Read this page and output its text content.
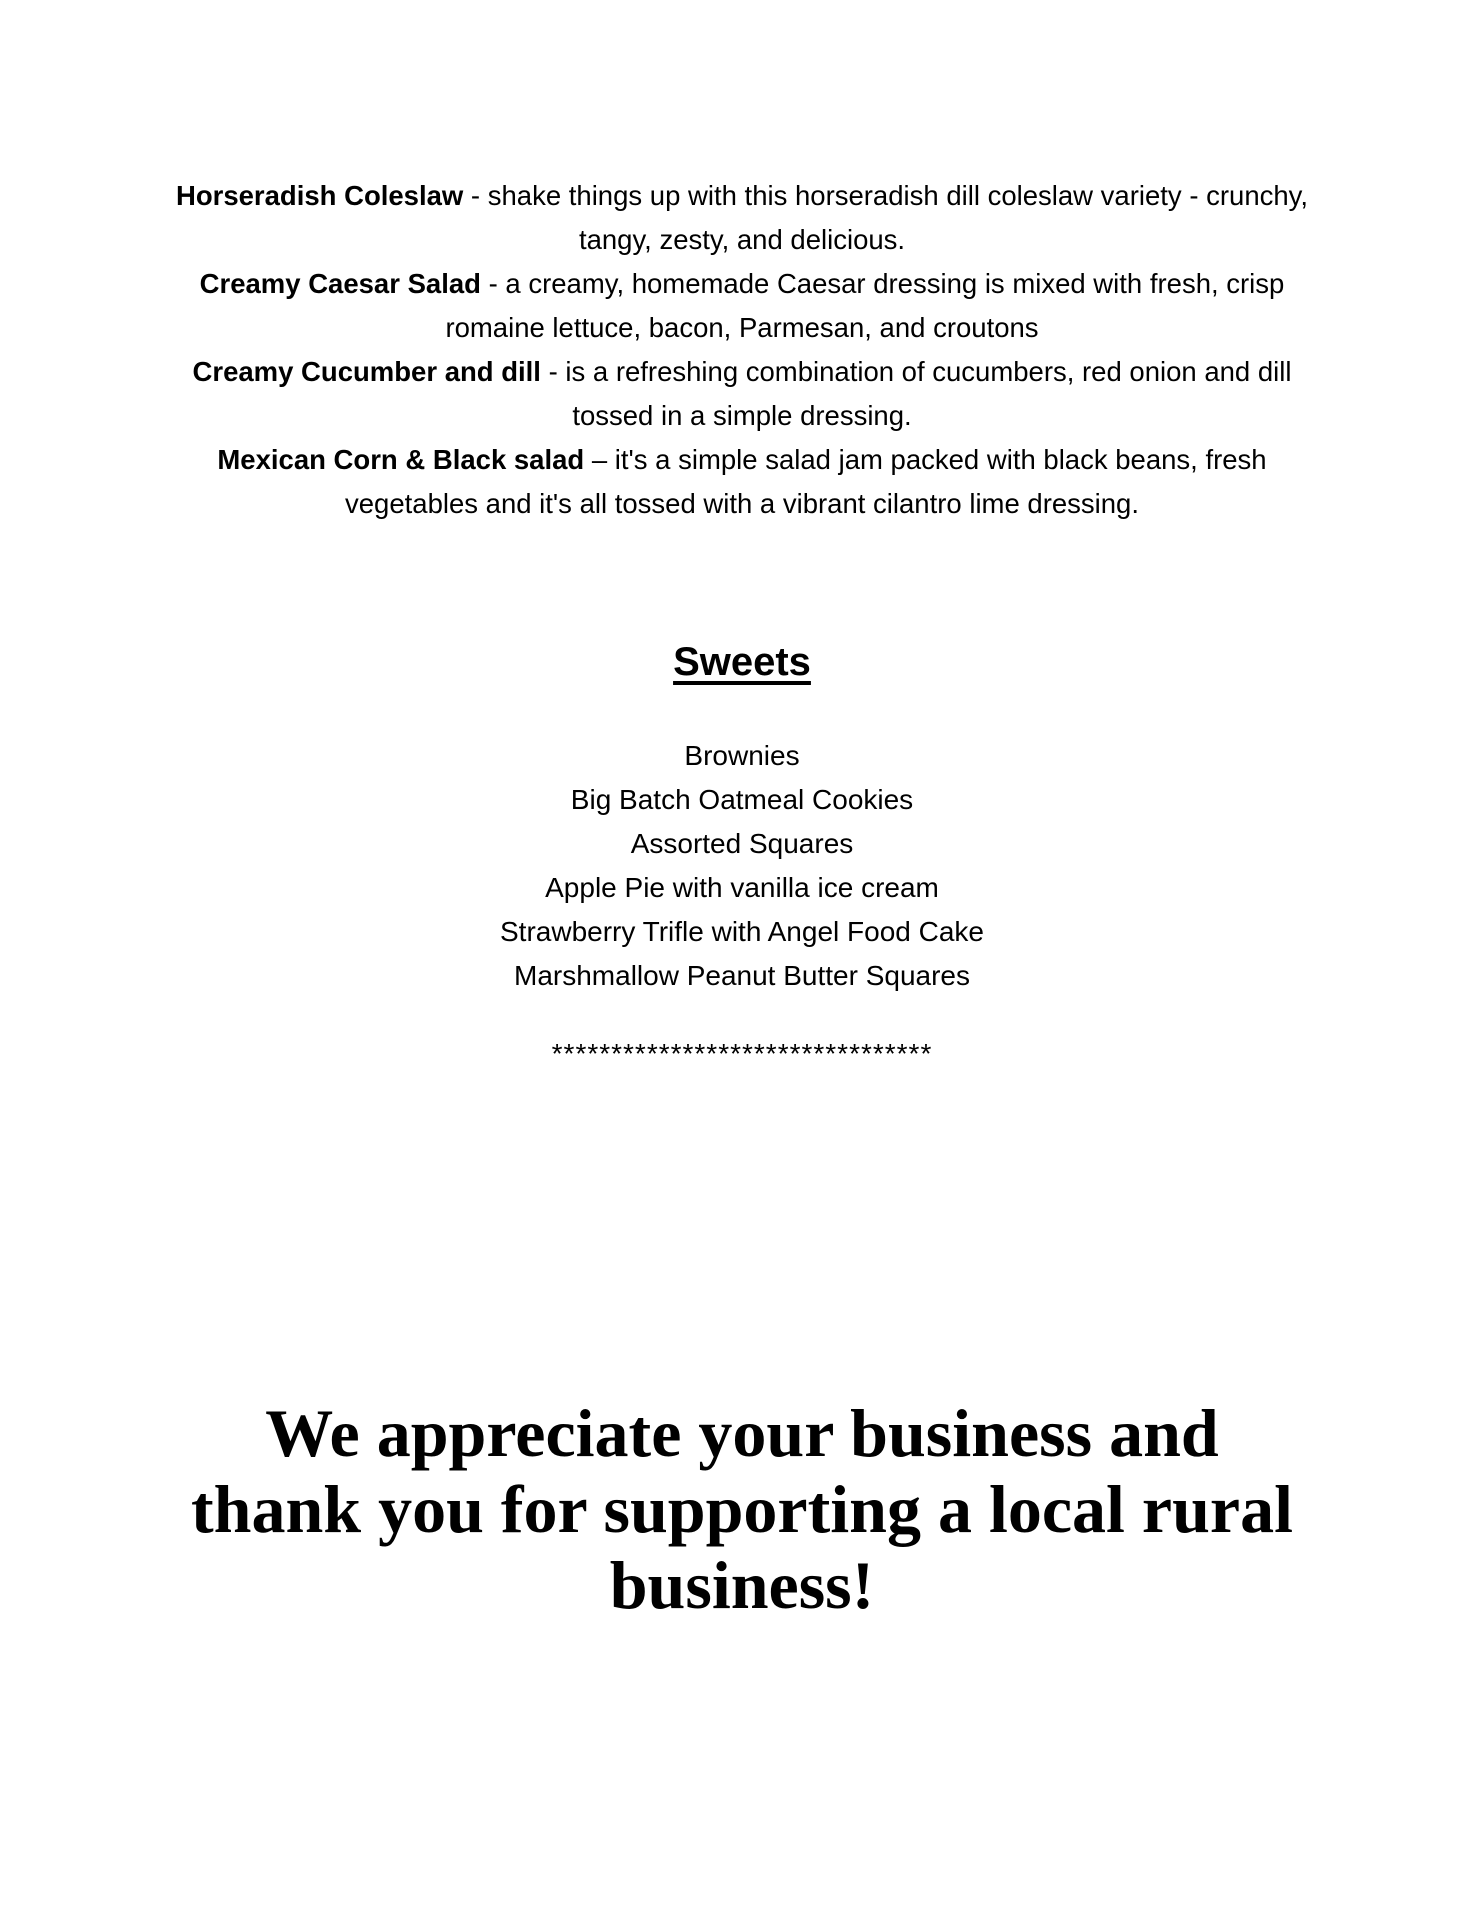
Horseradish Coleslaw - shake things up with this horseradish dill coleslaw variety - crunchy, tangy, zesty, and delicious.

Creamy Caesar Salad - a creamy, homemade Caesar dressing is mixed with fresh, crisp romaine lettuce, bacon, Parmesan, and croutons

Creamy Cucumber and dill - is a refreshing combination of cucumbers, red onion and dill tossed in a simple dressing.

Mexican Corn & Black salad – it's a simple salad jam packed with black beans, fresh vegetables and it's all tossed with a vibrant cilantro lime dressing.

Sweets
Brownies
Big Batch Oatmeal Cookies
Assorted Squares
Apple Pie with vanilla ice cream
Strawberry Trifle with Angel Food Cake
Marshmallow Peanut Butter Squares
********************************
We appreciate your business and thank you for supporting a local rural business!
